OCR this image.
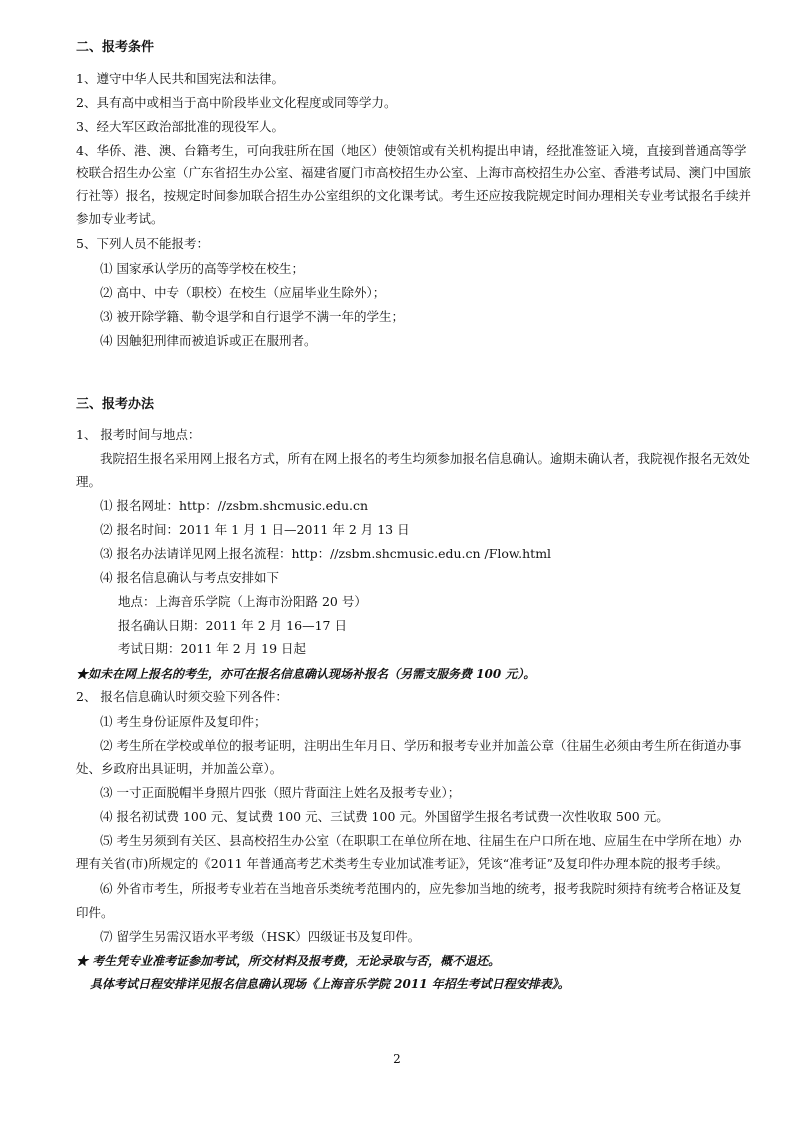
二、报考条件
1、遵守中华人民共和国宪法和法律。
2、具有高中或相当于高中阶段毕业文化程度或同等学力。
3、经大军区政治部批准的现役军人。
4、华侨、港、澳、台籍考生，可向我驻所在国（地区）使领馆或有关机构提出申请，经批准签证入境，直接到普通高等学
校联合招生办公室（广东省招生办公室、福建省厦门市高校招生办公室、上海市高校招生办公室、香港考试局、澳门中国旅
行社等）报名，按规定时间参加联合招生办公室组织的文化课考试。考生还应按我院规定时间办理相关专业考试报名手续并
参加专业考试。
5、下列人员不能报考：
⑴ 国家承认学历的高等学校在校生；
⑵ 高中、中专（职校）在校生（应届毕业生除外）；
⑶ 被开除学籍、勒令退学和自行退学不满一年的学生；
⑷ 因触犯刑律而被追诉或正在服刑者。
三、报考办法
1、 报考时间与地点：
我院招生报名采用网上报名方式，所有在网上报名的考生均须参加报名信息确认。逾期未确认者，我院视作报名无效处
理。
⑴ 报名网址：http：//zsbm.shcmusic.edu.cn
⑵ 报名时间：2011 年 1 月 1 日—2011 年 2 月 13 日
⑶ 报名办法请详见网上报名流程：http：//zsbm.shcmusic.edu.cn /Flow.html
⑷ 报名信息确认与考点安排如下
地点：上海音乐学院（上海市汾阳路 20 号）
报名确认日期：2011 年 2 月 16—17 日
考试日期：2011 年 2 月 19 日起
★如未在网上报名的考生，亦可在报名信息确认现场补报名（另需支服务费 100 元）。
2、 报名信息确认时须交验下列各件：
⑴ 考生身份证原件及复印件；
⑵ 考生所在学校或单位的报考证明，注明出生年月日、学历和报考专业并加盖公章（往届生必须由考生所在街道办事
处、乡政府出具证明，并加盖公章）。
⑶ 一寸正面脱帽半身照片四张（照片背面注上姓名及报考专业）；
⑷ 报名初试费 100 元、复试费 100 元、三试费 100 元。外国留学生报名考试费一次性收取 500 元。
⑸ 考生另须到有关区、县高校招生办公室（在职职工在单位所在地、往届生在户口所在地、应届生在中学所在地）办
理有关省(市)所规定的《2011 年普通高考艺术类考生专业加试准考证》，凭该“准考证”及复印件办理本院的报考手续。
⑹ 外省市考生，所报考专业若在当地音乐类统考范围内的，应先参加当地的统考，报考我院时须持有统考合格证及复
印件。
⑺ 留学生另需汉语水平考级（HSK）四级证书及复印件。
★ 考生凭专业准考证参加考试，所交材料及报考费，无论录取与否，概不退还。
具体考试日程安排详见报名信息确认现场《上海音乐学院 2011 年招生考试日程安排表》。
2
